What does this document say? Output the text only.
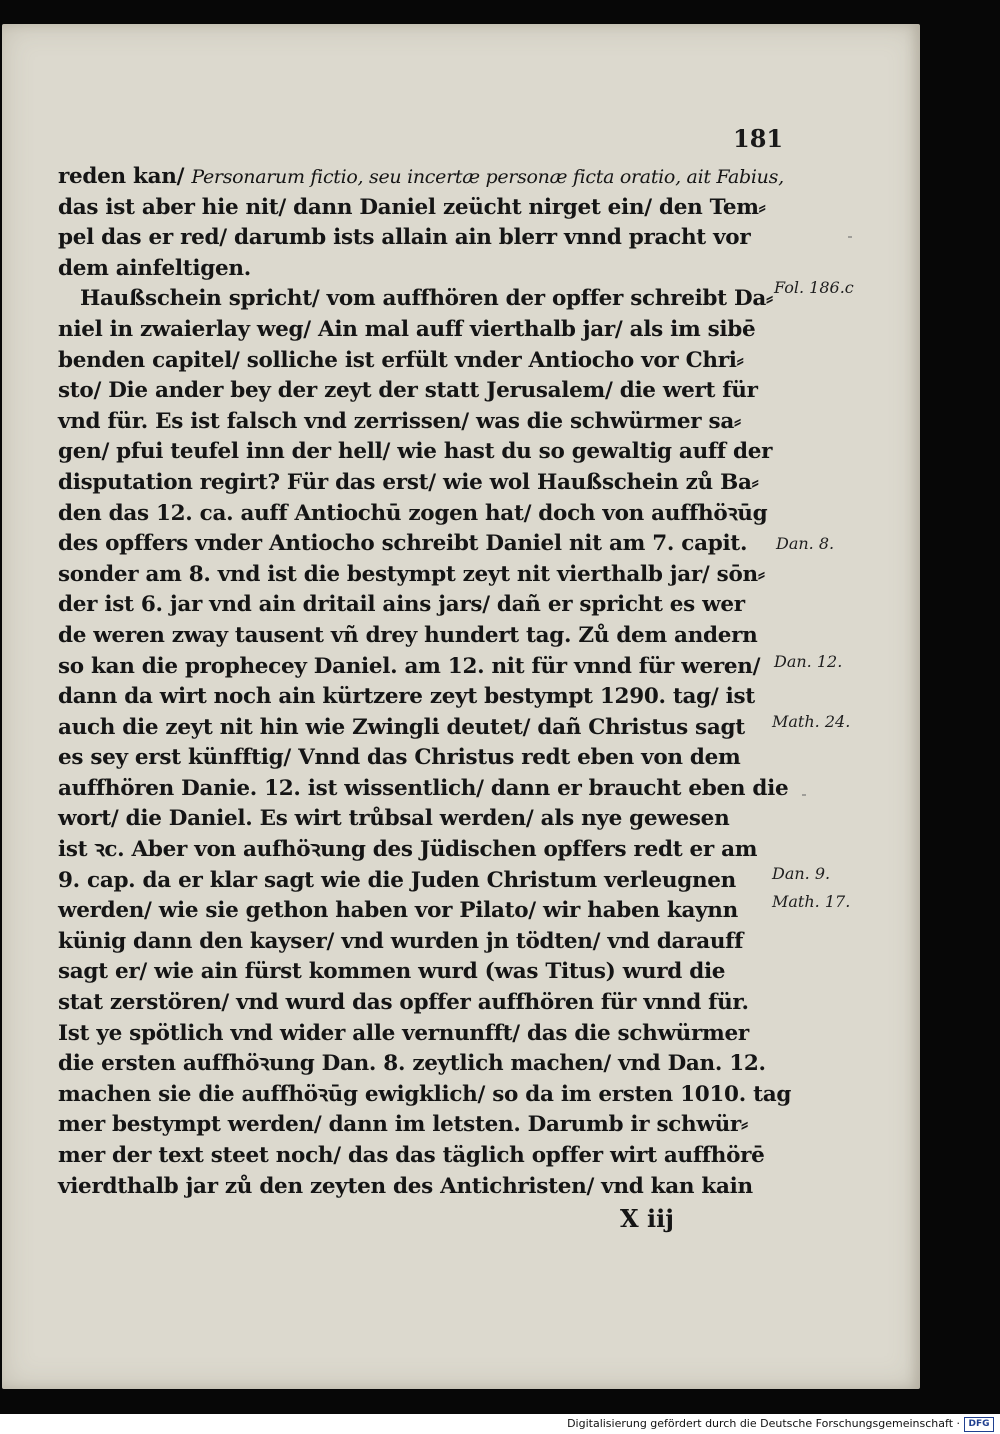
181
reden kan/ Personarum fictio, seu incertæ personæ ficta oratio, ait Fabius,
das ist aber hie nit/ dann Daniel zeücht nirget ein/ den Tem⸗
pel das er red/ darumb ists allain ain blerr vnnd pracht vor
dem ainfeltigen.
Haußschein spricht/ vom auffhören der opffer schreibt Da⸗
niel in zwaierlay weg/ Ain mal auff vierthalb jar/ als im sibē
benden capitel/ solliche ist erfült vnder Antiocho vor Chri⸗
sto/ Die ander bey der zeyt der statt Jerusalem/ die wert für
vnd für. Es ist falsch vnd zerrissen/ was die schwürmer sa⸗
gen/ pfui teufel inn der hell/ wie hast du so gewaltig auff der
disputation regirt? Für das erst/ wie wol Haußschein zů Ba⸗
den das 12. ca. auff Antiochū zogen hat/ doch von auffhöꝛūg
des opffers vnder Antiocho schreibt Daniel nit am 7. capit.
sonder am 8. vnd ist die bestympt zeyt nit vierthalb jar/ sōn⸗
der ist 6. jar vnd ain dritail ains jars/ dañ er spricht es wer
de weren zway tausent vñ drey hundert tag. Zů dem andern
so kan die prophecey Daniel. am 12. nit für vnnd für weren/
dann da wirt noch ain kürtzere zeyt bestympt 1290. tag/ ist
auch die zeyt nit hin wie Zwingli deutet/ dañ Christus sagt
es sey erst künfftig/ Vnnd das Christus redt eben von dem
auffhören Danie. 12. ist wissentlich/ dann er braucht eben die
wort/ die Daniel. Es wirt trůbsal werden/ als nye gewesen
ist ꝛc. Aber von aufhöꝛung des Jüdischen opffers redt er am
9. cap. da er klar sagt wie die Juden Christum verleugnen
werden/ wie sie gethon haben vor Pilato/ wir haben kaynn
künig dann den kayser/ vnd wurden jn tödten/ vnd darauff
sagt er/ wie ain fürst kommen wurd (was Titus) wurd die
stat zerstören/ vnd wurd das opffer auffhören für vnnd für.
Ist ye spötlich vnd wider alle vernunfft/ das die schwürmer
die ersten auffhöꝛung Dan. 8. zeytlich machen/ vnd Dan. 12.
machen sie die auffhöꝛūg ewigklich/ so da im ersten 1010. tag
mer bestympt werden/ dann im letsten. Darumb ir schwür⸗
mer der text steet noch/ das das täglich opffer wirt auffhörē
vierdthalb jar zů den zeyten des Antichristen/ vnd kan kain
Fol. 186.c
Dan. 8.
Dan. 12.
Math. 24.
Dan. 9.
Math. 17.
X iij
Digitalisierung gefördert durch die Deutsche Forschungsgemeinschaft · DFG
